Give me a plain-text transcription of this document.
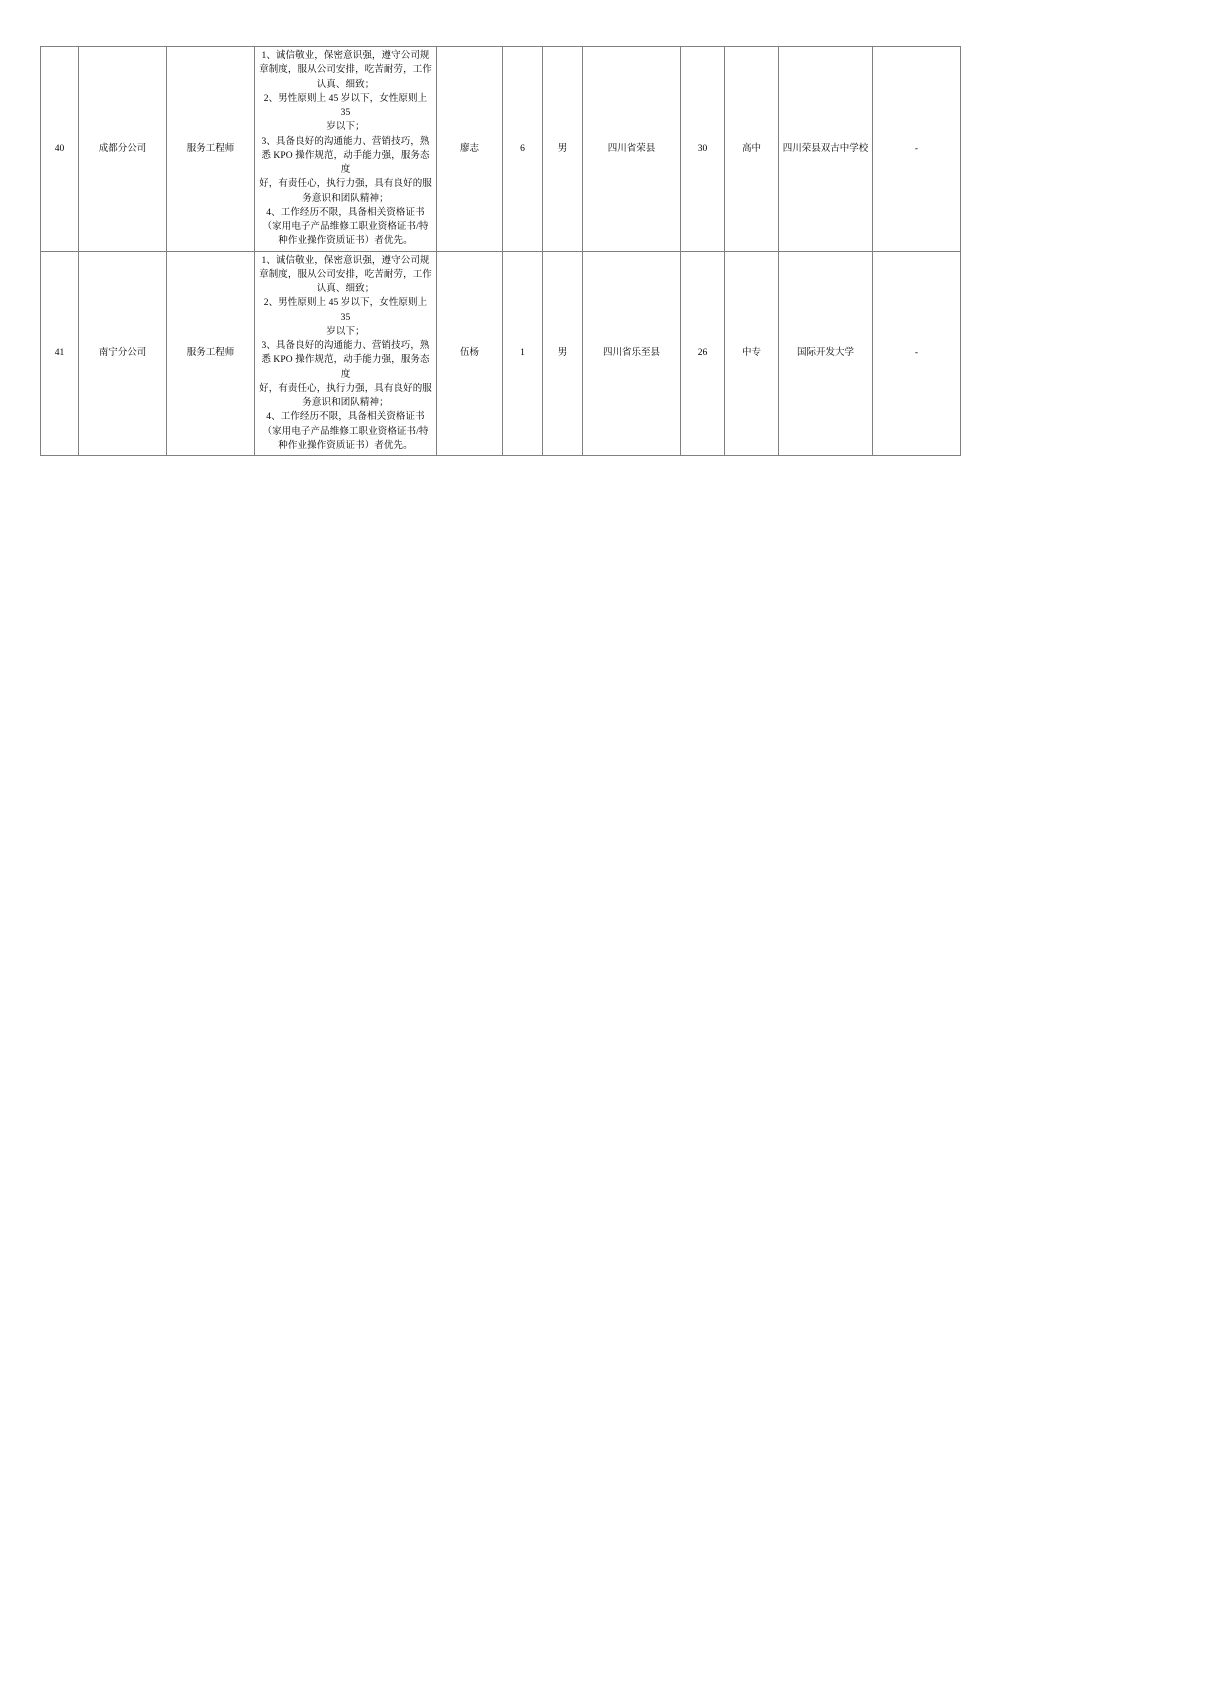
40	成都分公司	服务工程师

1、诚信敬业，保密意识强，遵守公司规

章制度，服从公司安排，吃苦耐劳，工作

认真、细致；

2、男性原则上 45 岁以下，女性原则上 35

岁以下；

3、具备良好的沟通能力、营销技巧，熟

悉 KPO 操作规范，动手能力强，服务态度

好，有责任心，执行力强，具有良好的服

务意识和团队精神；

4、工作经历不限，具备相关资格证书

（家用电子产品维修工职业资格证书/特

种作业操作资质证书）者优先。

廖志	6	男	四川省荣县	30	高中	四川荣县双古中学校	-

41	南宁分公司	服务工程师

1、诚信敬业，保密意识强，遵守公司规

章制度，服从公司安排，吃苦耐劳，工作

认真、细致；

2、男性原则上 45 岁以下，女性原则上 35

岁以下；

3、具备良好的沟通能力、营销技巧，熟

悉 KPO 操作规范，动手能力强，服务态度

好，有责任心，执行力强，具有良好的服

务意识和团队精神；

4、工作经历不限，具备相关资格证书

（家用电子产品维修工职业资格证书/特

种作业操作资质证书）者优先。

伍杨	1	男	四川省乐至县	26	中专	国际开发大学	-
